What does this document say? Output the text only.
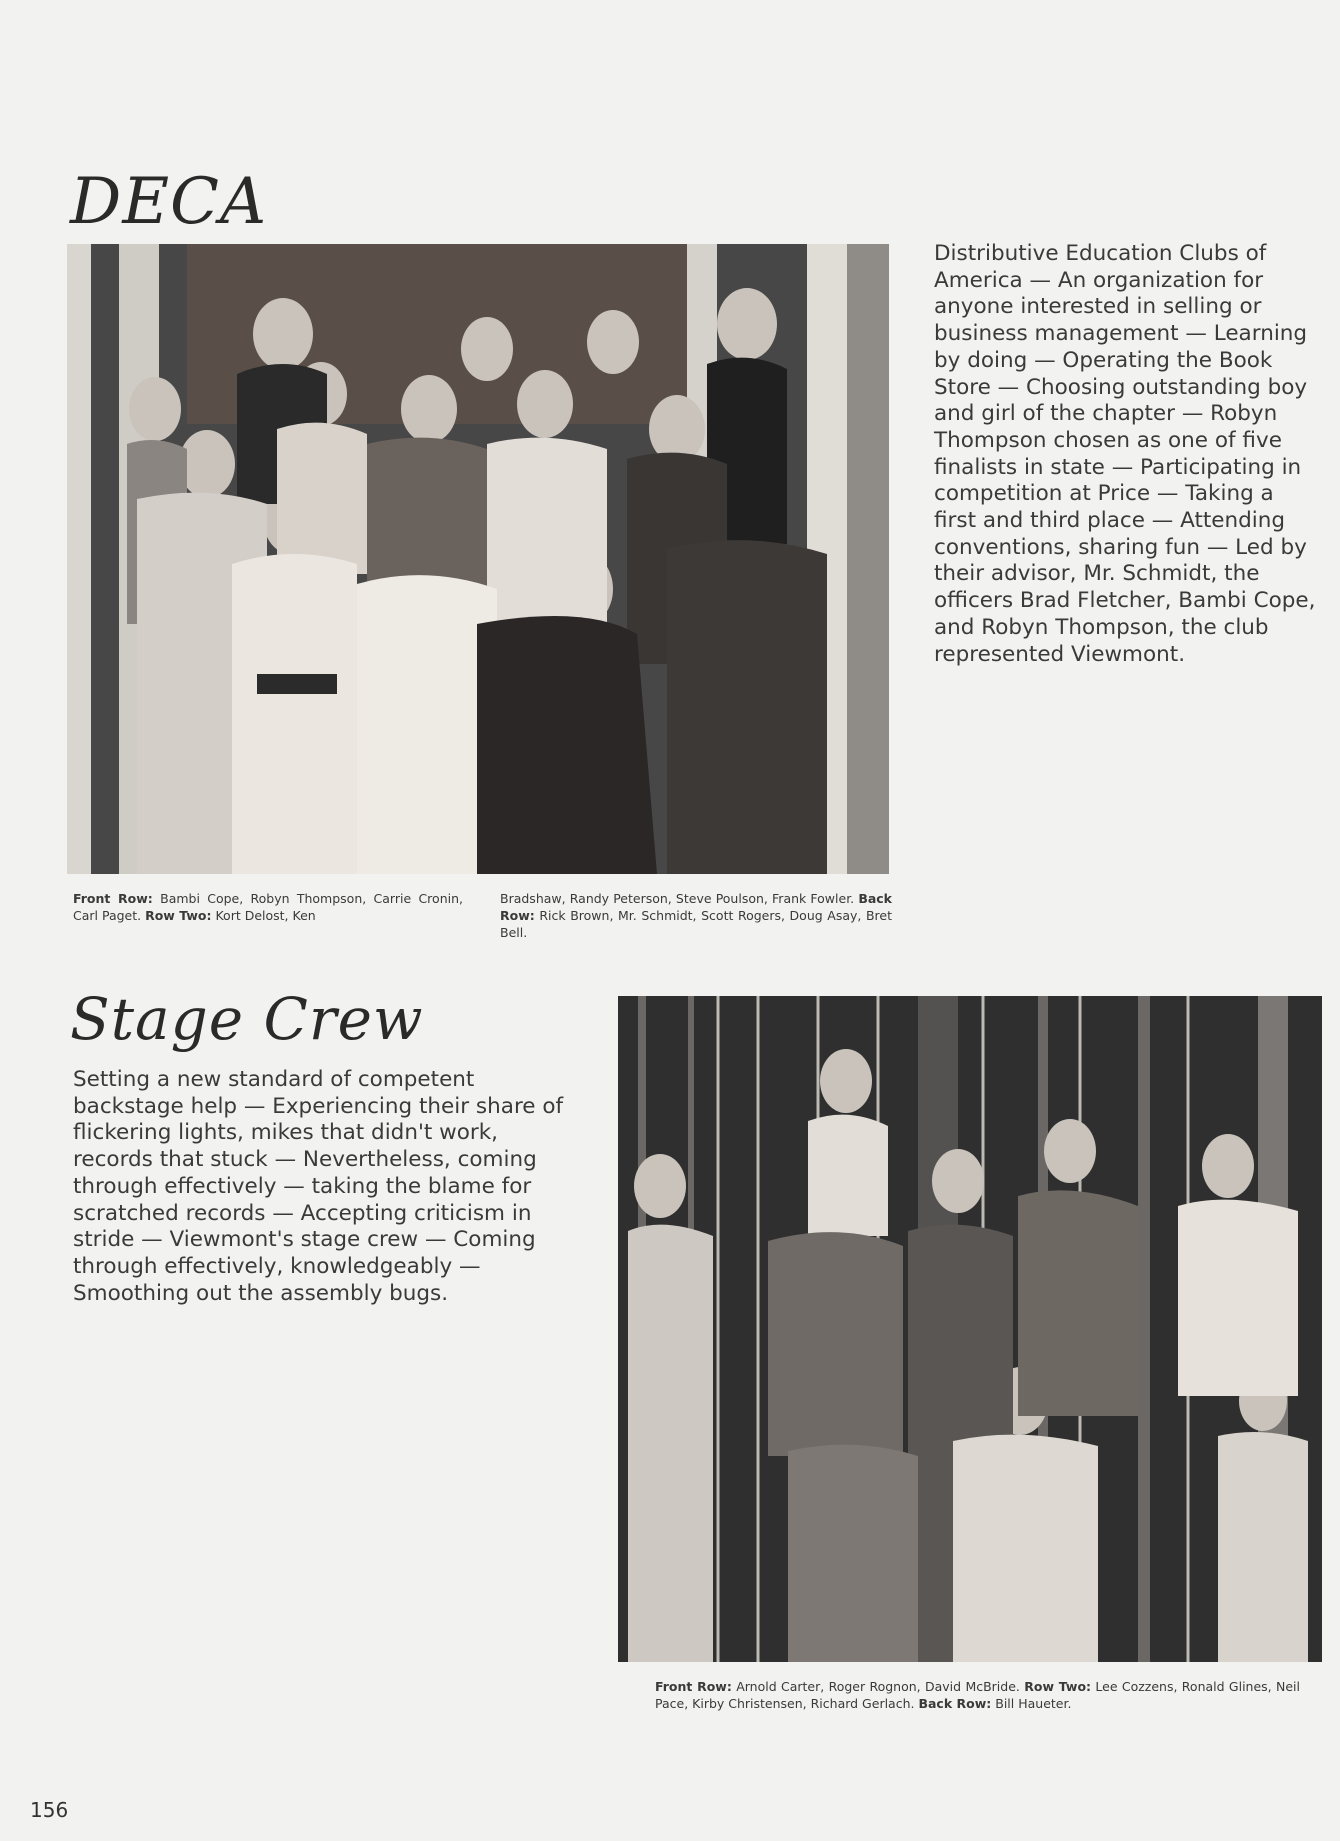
DECA
Distributive Education Clubs of America — An organization for anyone interested in selling or business management — Learning by doing — Operating the Book Store — Choosing outstanding boy and girl of the chapter — Robyn Thompson chosen as one of five finalists in state — Participating in competition at Price — Taking a first and third place — Attending conventions, sharing fun — Led by their advisor, Mr. Schmidt, the officers Brad Fletcher, Bambi Cope, and Robyn Thompson, the club represented Viewmont.
Front Row: Bambi Cope, Robyn Thompson, Carrie Cronin, Carl Paget. Row Two: Kort Delost, Ken
Bradshaw, Randy Peterson, Steve Poulson, Frank Fowler. Back Row: Rick Brown, Mr. Schmidt, Scott Rogers, Doug Asay, Bret Bell.
Stage Crew
Setting a new standard of competent backstage help — Experiencing their share of flickering lights, mikes that didn't work, records that stuck — Nevertheless, coming through effectively — taking the blame for scratched records — Accepting criticism in stride — Viewmont's stage crew — Coming through effectively, knowledgeably — Smoothing out the assembly bugs.
Front Row: Arnold Carter, Roger Rognon, David McBride. Row Two: Lee Cozzens, Ronald Glines, Neil Pace, Kirby Christensen, Richard Gerlach. Back Row: Bill Haueter.
156
